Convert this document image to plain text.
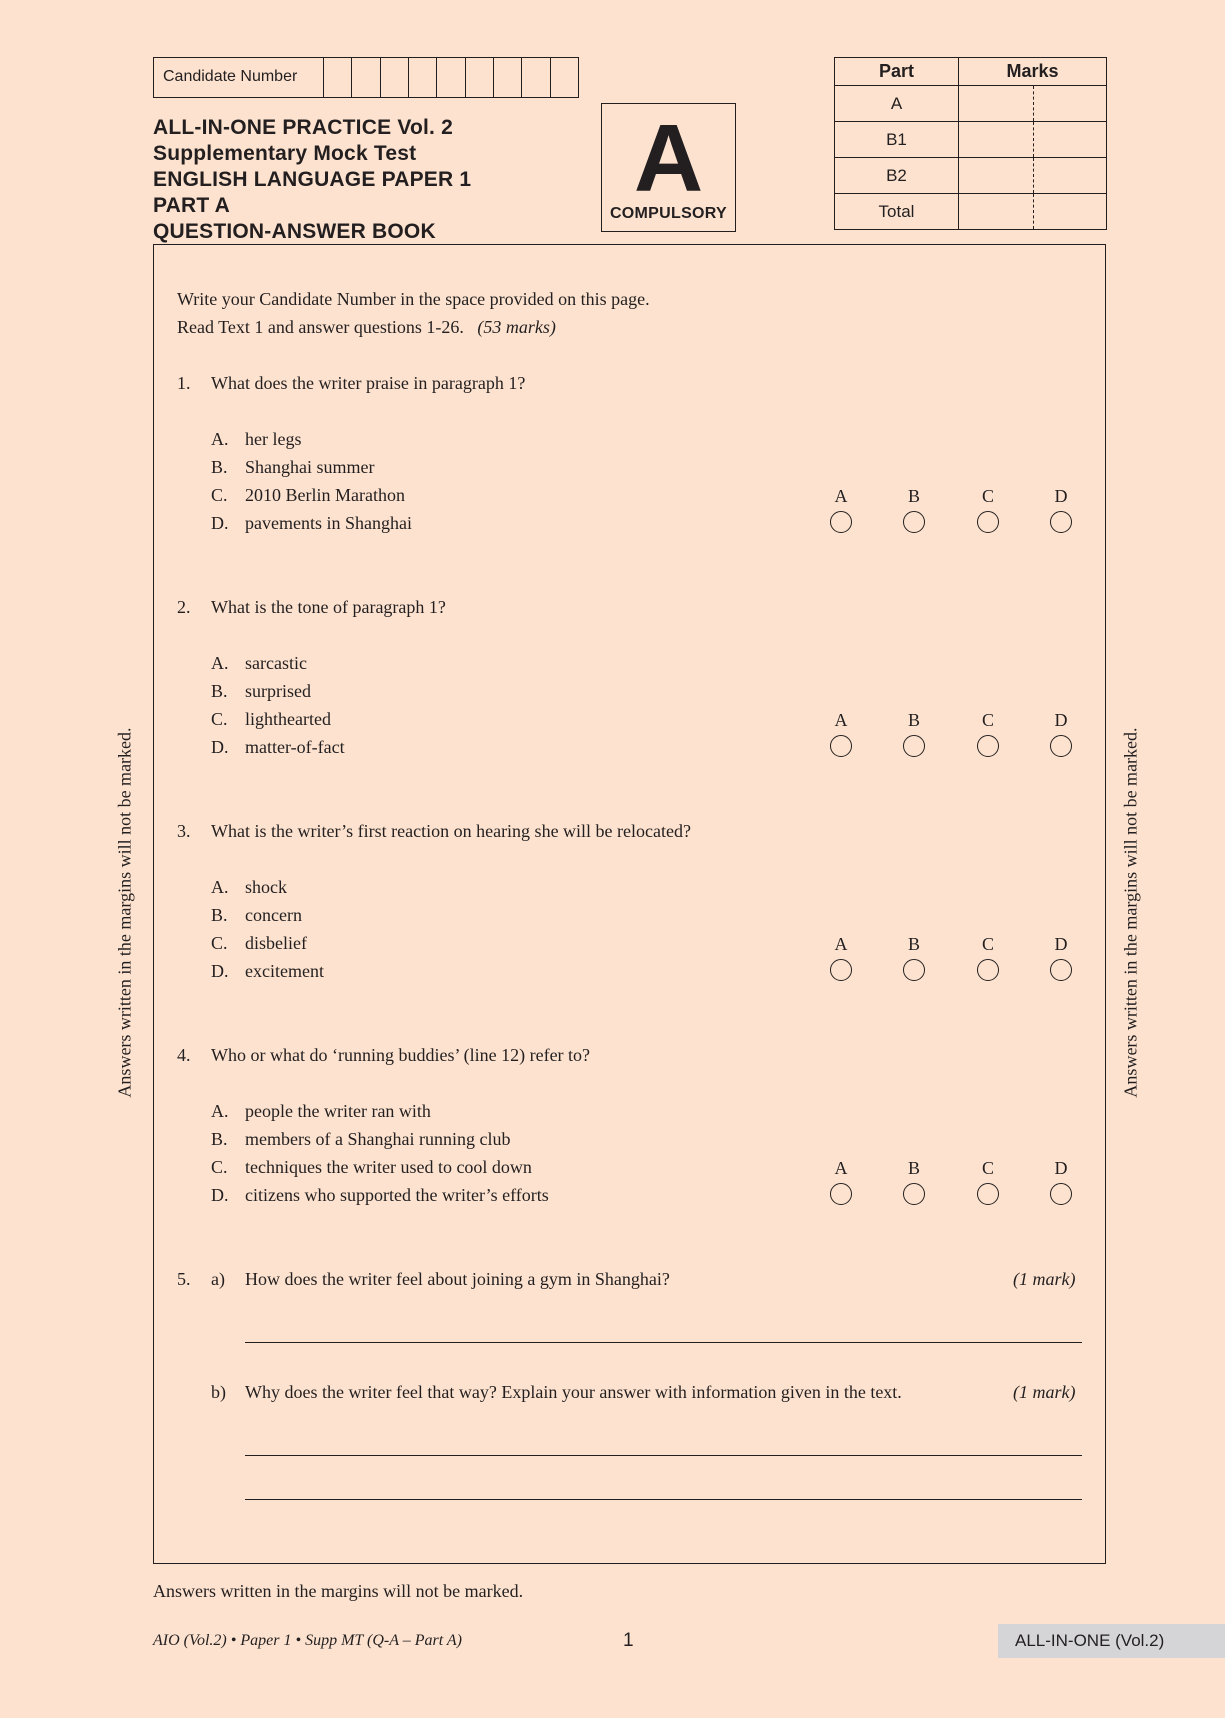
Candidate Number
ALL-IN-ONE PRACTICE Vol. 2
Supplementary Mock Test
ENGLISH LANGUAGE PAPER 1
PART A
QUESTION-ANSWER BOOK
A
COMPULSORY
Part	Marks
A	
B1	
B2	
Total	
Write your Candidate Number in the space provided on this page.
Read Text 1 and answer questions 1-26. (53 marks)
1. What does the writer praise in paragraph 1?
A. her legs
B. Shanghai summer
C. 2010 Berlin Marathon
D. pavements in Shanghai
A	B	C	D
2. What is the tone of paragraph 1?
A. sarcastic
B. surprised
C. lighthearted
D. matter-of-fact
A	B	C	D
3. What is the writer’s first reaction on hearing she will be relocated?
A. shock
B. concern
C. disbelief
D. excitement
A	B	C	D
4. Who or what do ‘running buddies’ (line 12) refer to?
A. people the writer ran with
B. members of a Shanghai running club
C. techniques the writer used to cool down
D. citizens who supported the writer’s efforts
A	B	C	D
5. a) How does the writer feel about joining a gym in Shanghai?	(1 mark)
b) Why does the writer feel that way? Explain your answer with information given in the text.	(1 mark)
Answers written in the margins will not be marked.	Answers written in the margins will not be marked.
Answers written in the margins will not be marked.
AIO (Vol.2) • Paper 1 • Supp MT (Q-A – Part A)	1	ALL-IN-ONE (Vol.2)
